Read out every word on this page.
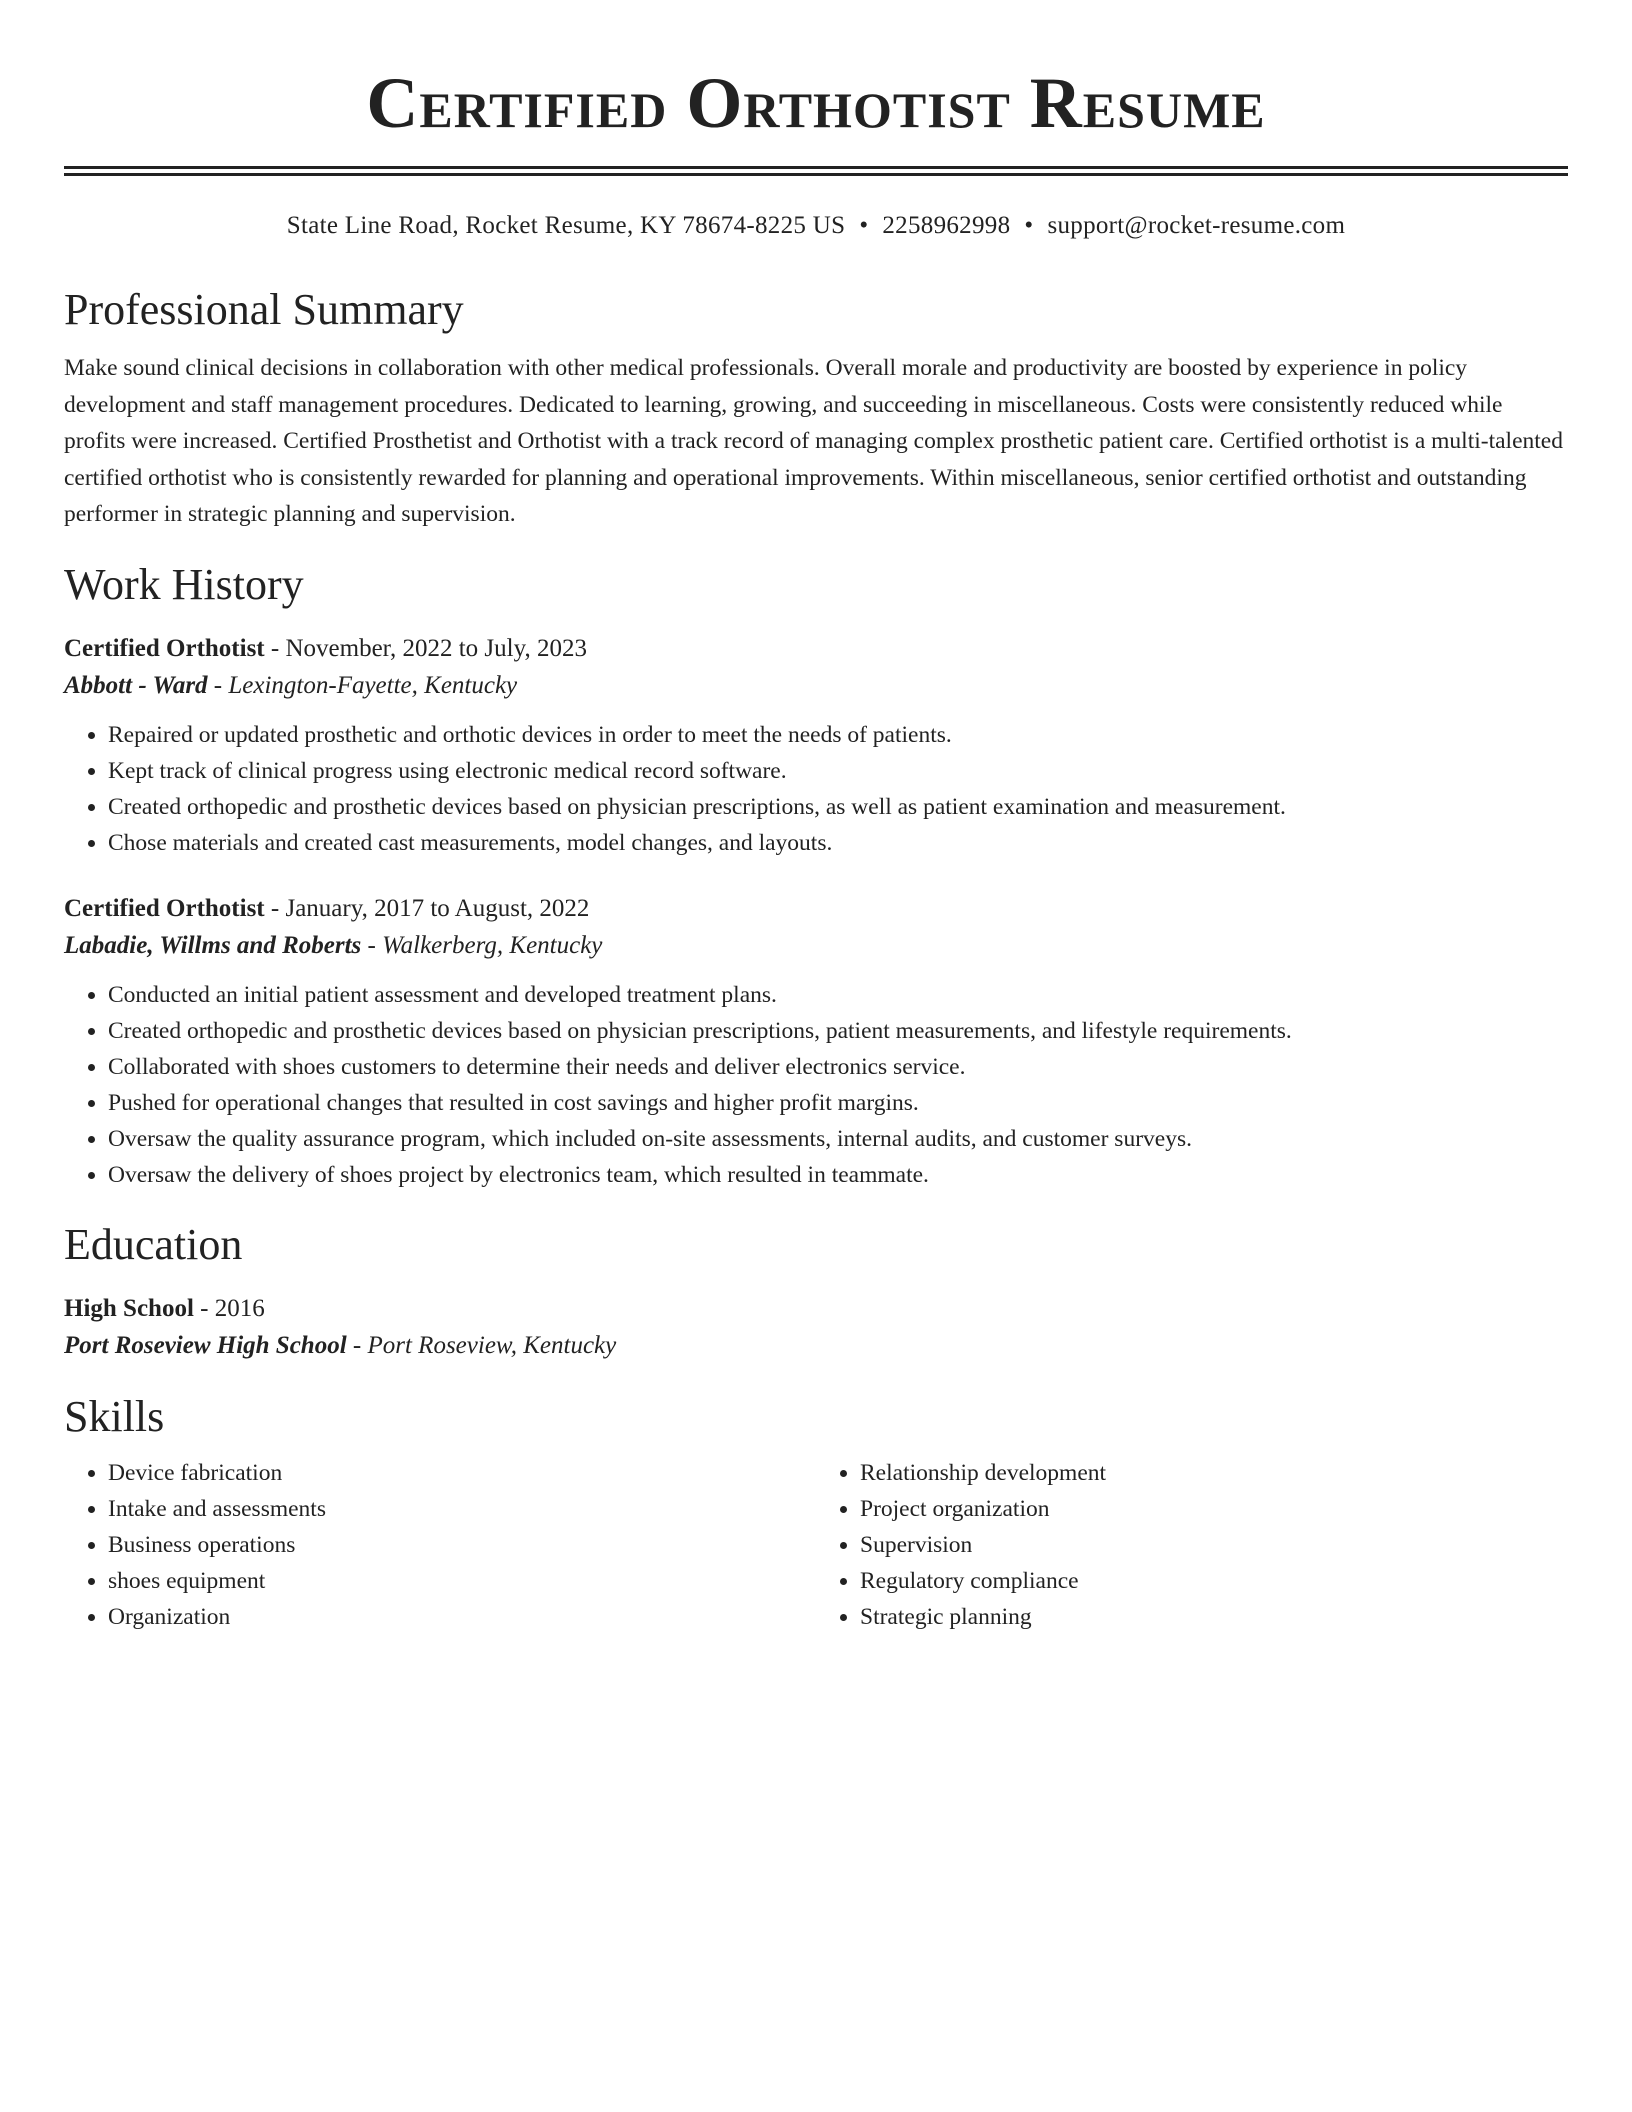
Certified Orthotist Resume
State Line Road, Rocket Resume, KY 78674-8225 US • 2258962998 • support@rocket-resume.com
Professional Summary
Make sound clinical decisions in collaboration with other medical professionals. Overall morale and productivity are boosted by experience in policy development and staff management procedures. Dedicated to learning, growing, and succeeding in miscellaneous. Costs were consistently reduced while profits were increased. Certified Prosthetist and Orthotist with a track record of managing complex prosthetic patient care. Certified orthotist is a multi-talented certified orthotist who is consistently rewarded for planning and operational improvements. Within miscellaneous, senior certified orthotist and outstanding performer in strategic planning and supervision.
Work History
Certified Orthotist - November, 2022 to July, 2023
Abbott - Ward - Lexington-Fayette, Kentucky
• Repaired or updated prosthetic and orthotic devices in order to meet the needs of patients.
• Kept track of clinical progress using electronic medical record software.
• Created orthopedic and prosthetic devices based on physician prescriptions, as well as patient examination and measurement.
• Chose materials and created cast measurements, model changes, and layouts.
Certified Orthotist - January, 2017 to August, 2022
Labadie, Willms and Roberts - Walkerberg, Kentucky
• Conducted an initial patient assessment and developed treatment plans.
• Created orthopedic and prosthetic devices based on physician prescriptions, patient measurements, and lifestyle requirements.
• Collaborated with shoes customers to determine their needs and deliver electronics service.
• Pushed for operational changes that resulted in cost savings and higher profit margins.
• Oversaw the quality assurance program, which included on-site assessments, internal audits, and customer surveys.
• Oversaw the delivery of shoes project by electronics team, which resulted in teammate.
Education
High School - 2016
Port Roseview High School - Port Roseview, Kentucky
Skills
• Device fabrication
• Intake and assessments
• Business operations
• shoes equipment
• Organization
• Relationship development
• Project organization
• Supervision
• Regulatory compliance
• Strategic planning
